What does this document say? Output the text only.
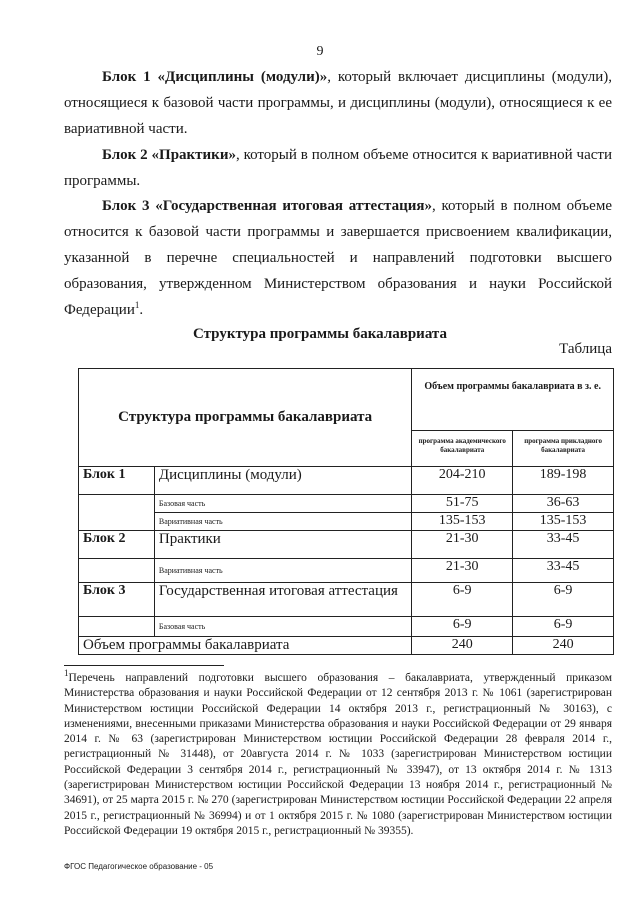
9

Блок 1 «Дисциплины (модули)», который включает дисциплины (модули), относящиеся к базовой части программы, и дисциплины (модули), относящиеся к ее вариативной части.

Блок 2 «Практики», который в полном объеме относится к вариативной части программы.

Блок 3 «Государственная итоговая аттестация», который в полном объеме относится к базовой части программы и завершается присвоением квалификации, указанной в перечне специальностей и направлений подготовки высшего образования, утвержденном Министерством образования и науки Российской Федерации$^1$.

Структура программы бакалавриата
Таблица
Структура программы бакалавриата		Объем программы бакалавриата в з. е.	
		программа академического бакалавриата	программа прикладного бакалавриата
Блок 1	Дисциплины (модули)	204-210	189-198
	Базовая часть	51-75	36-63
	Вариативная часть	135-153	135-153
Блок 2	Практики	21-30	33-45
	Вариативная часть	21-30	33-45
Блок 3	Государственная итоговая аттестация	6-9	6-9
	Базовая часть	6-9	6-9
Объем программы бакалавриата		240	240

$^1$Перечень направлений подготовки высшего образования – бакалавриата, утвержденный приказом Министерства образования и науки Российской Федерации от 12 сентября 2013 г. № 1061 (зарегистрирован Министерством юстиции Российской Федерации 14 октября 2013 г., регистрационный № 30163), с изменениями, внесенными приказами Министерства образования и науки Российской Федерации от 29 января 2014 г. № 63 (зарегистрирован Министерством юстиции Российской Федерации 28 февраля 2014 г., регистрационный № 31448), от 20августа 2014 г. № 1033 (зарегистрирован Министерством юстиции Российской Федерации 3 сентября 2014 г., регистрационный № 33947), от 13 октября 2014 г. № 1313 (зарегистрирован Министерством юстиции Российской Федерации 13 ноября 2014 г., регистрационный № 34691), от 25 марта 2015 г. № 270 (зарегистрирован Министерством юстиции Российской Федерации 22 апреля 2015 г., регистрационный № 36994) и от 1 октября 2015 г. № 1080 (зарегистрирован Министерством юстиции Российской Федерации 19 октября 2015 г., регистрационный № 39355).

ФГОС Педагогическое образование - 05
